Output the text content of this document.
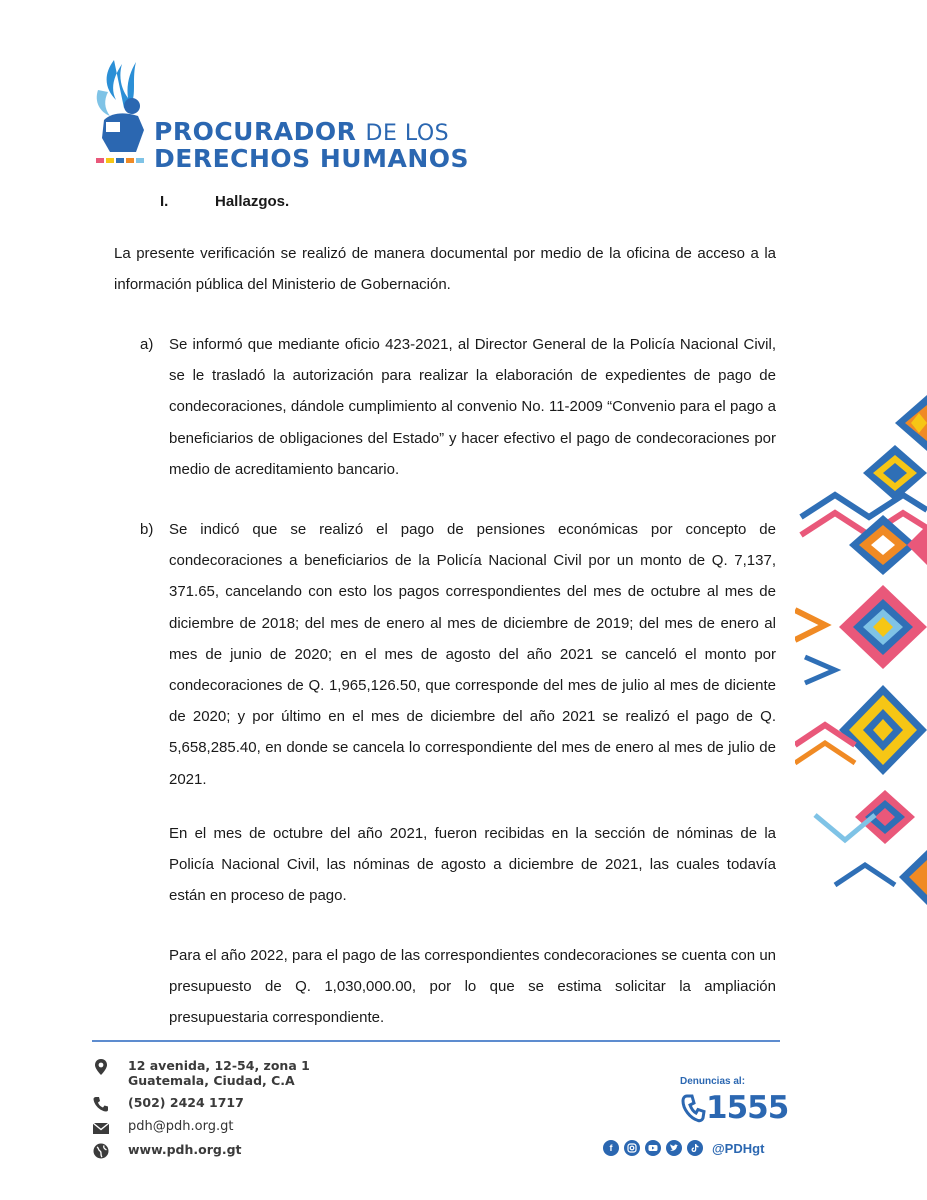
PROCURADOR DE LOS
DERECHOS HUMANOS
I.	Hallazgos.
La presente verificación se realizó de manera documental por medio de la oficina de acceso a la información pública del Ministerio de Gobernación.
a) Se informó que mediante oficio 423-2021, al Director General de la Policía Nacional Civil, se le trasladó la autorización para realizar la elaboración de expedientes de pago de condecoraciones, dándole cumplimiento al convenio No. 11-2009 “Convenio para el pago a beneficiarios de obligaciones del Estado” y hacer efectivo el pago de condecoraciones por medio de acreditamiento bancario.
b) Se indicó que se realizó el pago de pensiones económicas por concepto de condecoraciones a beneficiarios de la Policía Nacional Civil por un monto de Q. 7,137, 371.65, cancelando con esto los pagos correspondientes del mes de octubre al mes de diciembre de 2018; del mes de enero al mes de diciembre de 2019; del mes de enero al mes de junio de 2020; en el mes de agosto del año 2021 se canceló el monto por condecoraciones de Q. 1,965,126.50, que corresponde del mes de julio al mes de diciente de 2020; y por último en el mes de diciembre del año 2021 se realizó el pago de Q. 5,658,285.40, en donde se cancela lo correspondiente del mes de enero al mes de julio de 2021.
En el mes de octubre del año 2021, fueron recibidas en la sección de nóminas de la Policía Nacional Civil, las nóminas de agosto a diciembre de 2021, las cuales todavía están en proceso de pago.
Para el año 2022, para el pago de las correspondientes condecoraciones se cuenta con un presupuesto de Q. 1,030,000.00, por lo que se estima solicitar la ampliación presupuestaria correspondiente.
12 avenida, 12-54, zona 1
Guatemala, Ciudad, C.A
(502) 2424 1717
pdh@pdh.org.gt
www.pdh.org.gt
Denuncias al:
1555
f	@PDHgt
